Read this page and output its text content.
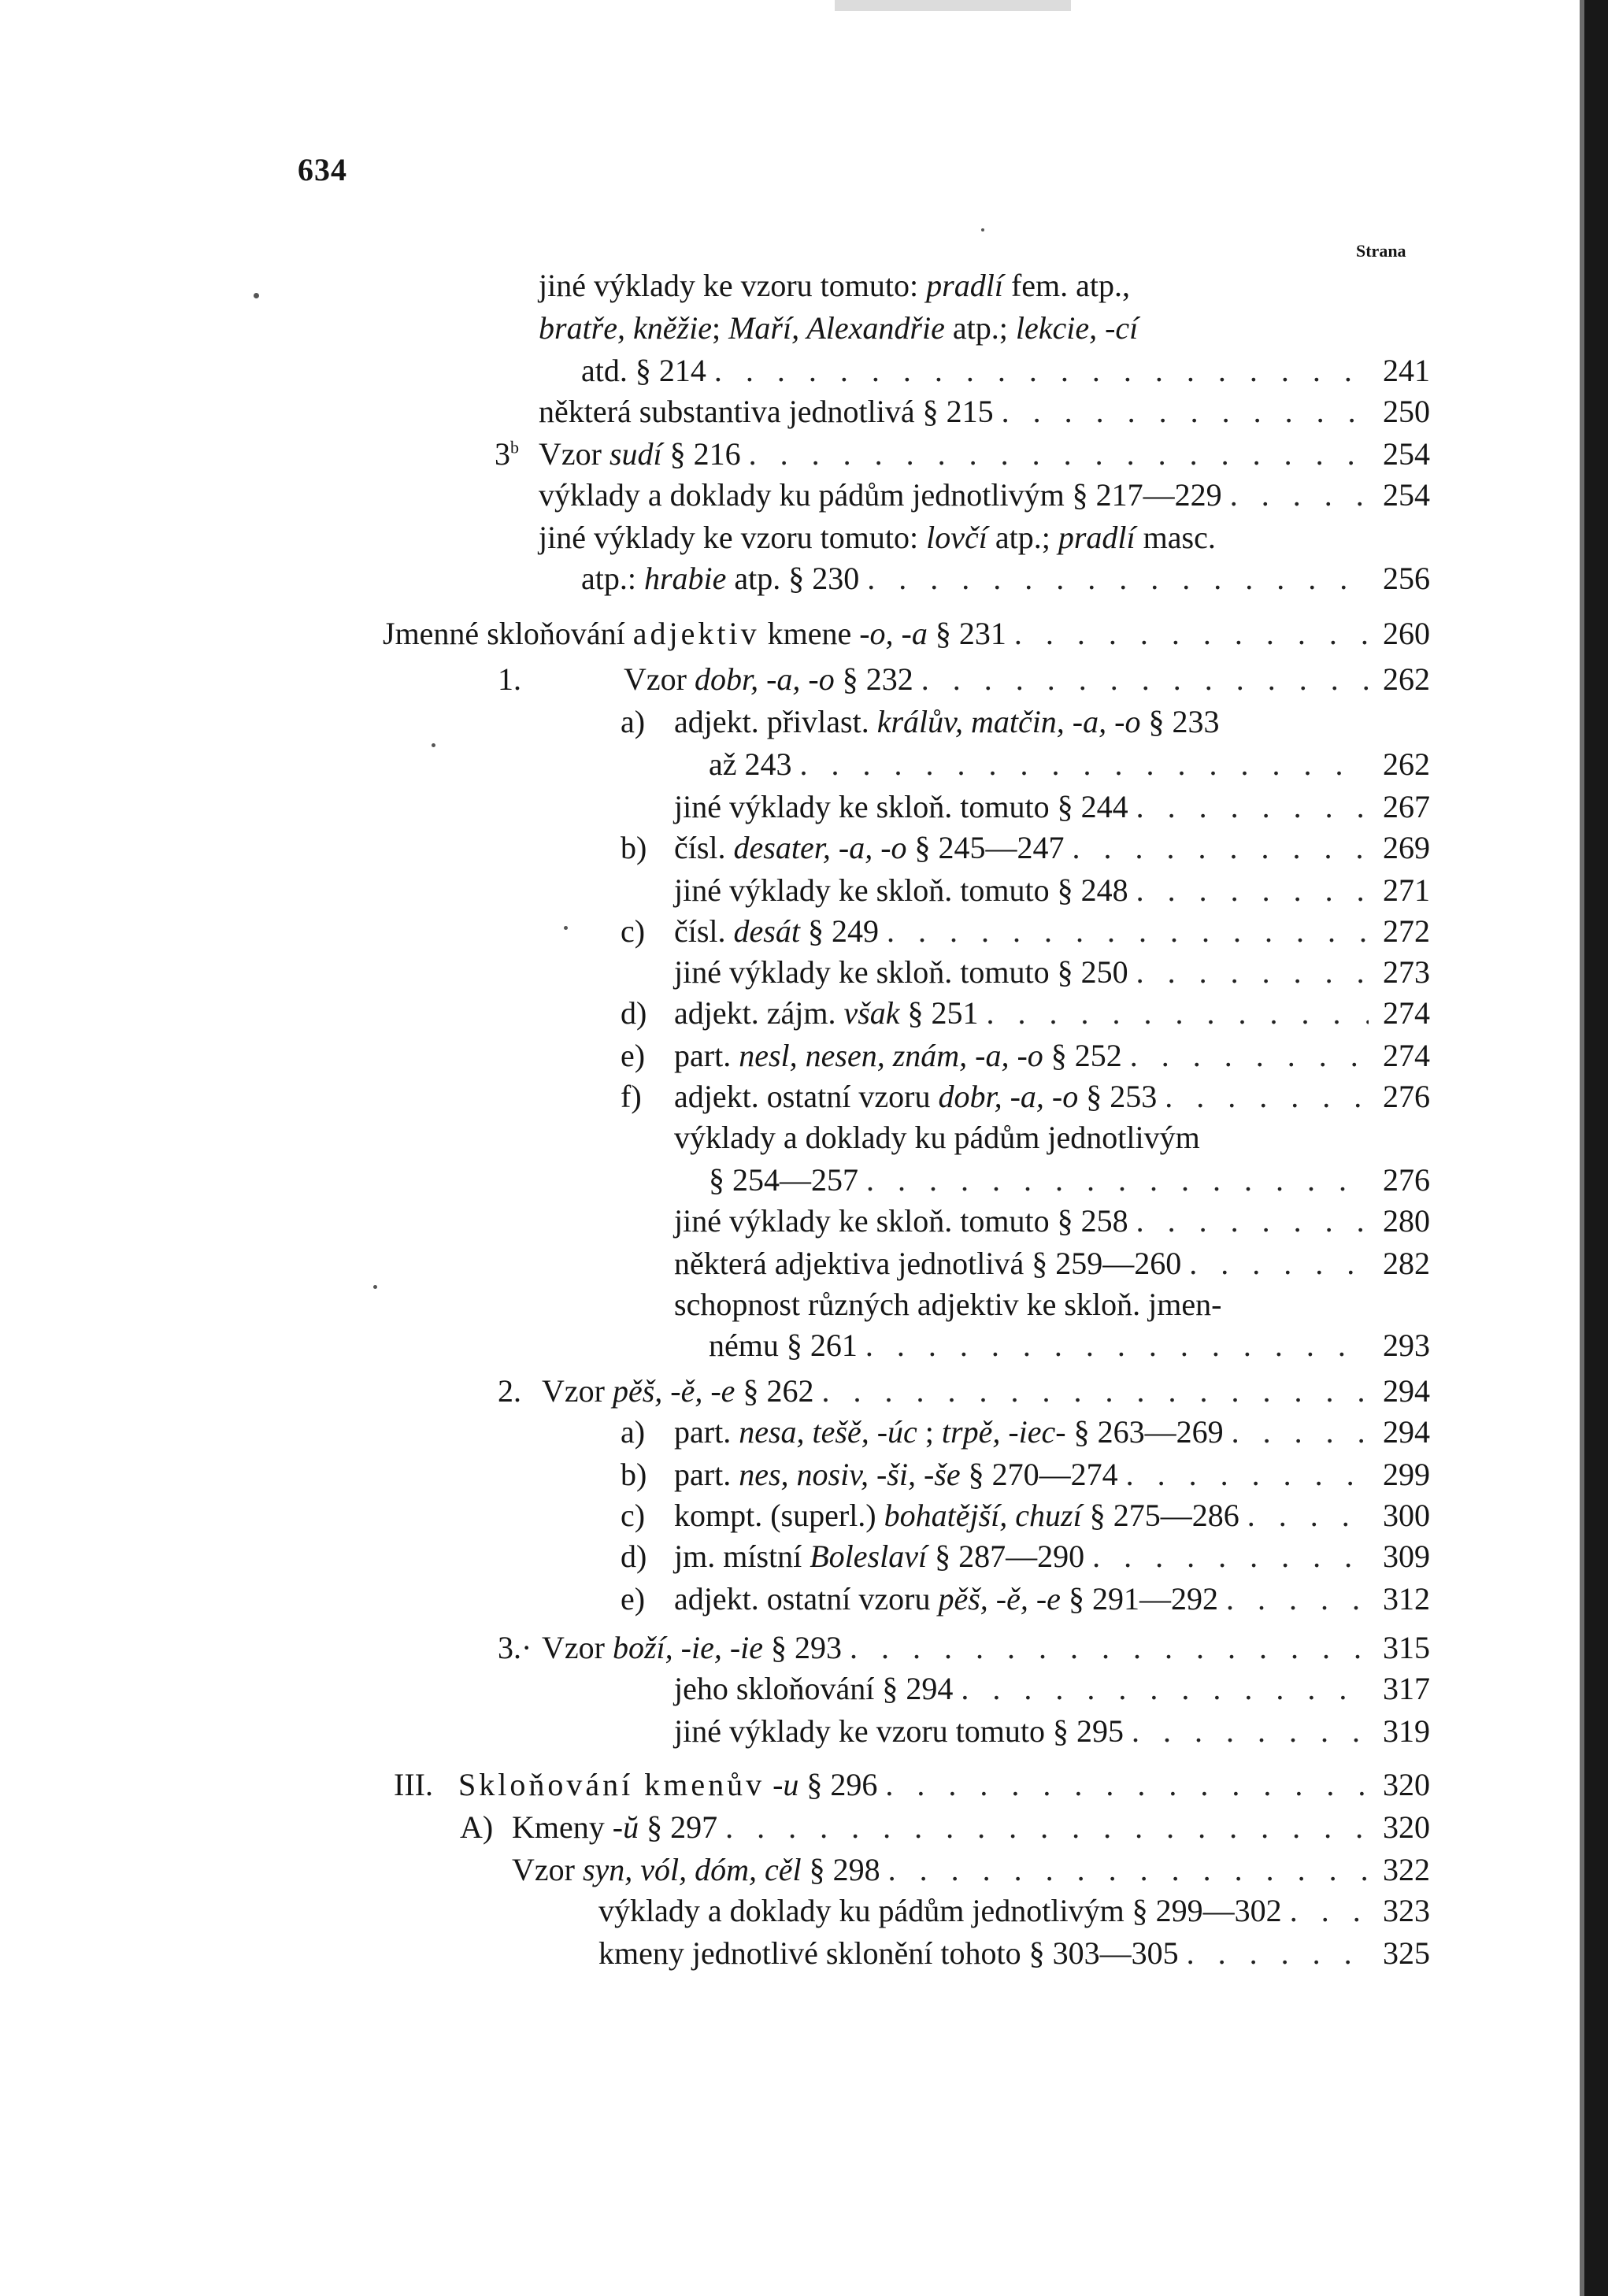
634
Strana
jiné výklady ke vzoru tomuto: pradlí fem. atp.,
bratře, kněžie; Maří, Alexandřie atp.; lekcie, -cí
atd. § 214 . . .	241
některá substantiva jednotlivá § 215 . . .	250
3$^b$ Vzor sudí § 216 . . .	254
výklady a doklady ku pádům jednotlivým § 217—229 . . .	254
jiné výklady ke vzoru tomuto: lovčí atp.; pradlí masc.
atp.: hrabie atp. § 230 . . .	256
Jmenné skloňování adjektiv kmene -o, -a § 231 . . .	260
1.	Vzor dobr, -a, -o § 232 . . .	262
a) adjekt. přivlast. králův, matčin, -a, -o § 233
až 243 . . .	262
jiné výklady ke skloň. tomuto § 244 . . .	267
b) čísl. desater, -a, -o § 245—247 . . .	269
jiné výklady ke skloň. tomuto § 248 . . .	271
c) čísl. desát § 249 . . .	272
jiné výklady ke skloň. tomuto § 250 . . .	273
d) adjekt. zájm. však § 251 . . .	274
e) part. nesl, nesen, znám, -a, -o § 252 . . .	274
f) adjekt. ostatní vzoru dobr, -a, -o § 253 . . .	276
výklady a doklady ku pádům jednotlivým
§ 254—257 . . .	276
jiné výklady ke skloň. tomuto § 258 . . .	280
některá adjektiva jednotlivá § 259—260 . . .	282
schopnost různých adjektiv ke skloň. jmen-
nému § 261 . . .	293
2. Vzor pěš, -ě, -e § 262 . . .	294
a) part. nesa, tešě, -úc ; trpě, -iec- § 263—269 . . .	294
b) part. nes, nosiv, -ši, -še § 270—274 . . .	299
c) kompt. (superl.) bohatější, chuzí § 275—286 . . .	300
d) jm. místní Boleslaví § 287—290 . . .	309
e) adjekt. ostatní vzoru pěš, -ě, -e § 291—292 . . .	312
3.· Vzor boží, -ie, -ie § 293 . . .	315
jeho skloňování § 294 . . .	317
jiné výklady ke vzoru tomuto § 295 . . .	319
III. Skloňování kmenův -u § 296 . . .	320
A) Kmeny -ŭ § 297 . . .	320
Vzor syn, vól, dóm, cěl § 298 . . .	322
výklady a doklady ku pádům jednotlivým § 299—302 . . .	323
kmeny jednotlivé sklonění tohoto § 303—305 . . .	325
